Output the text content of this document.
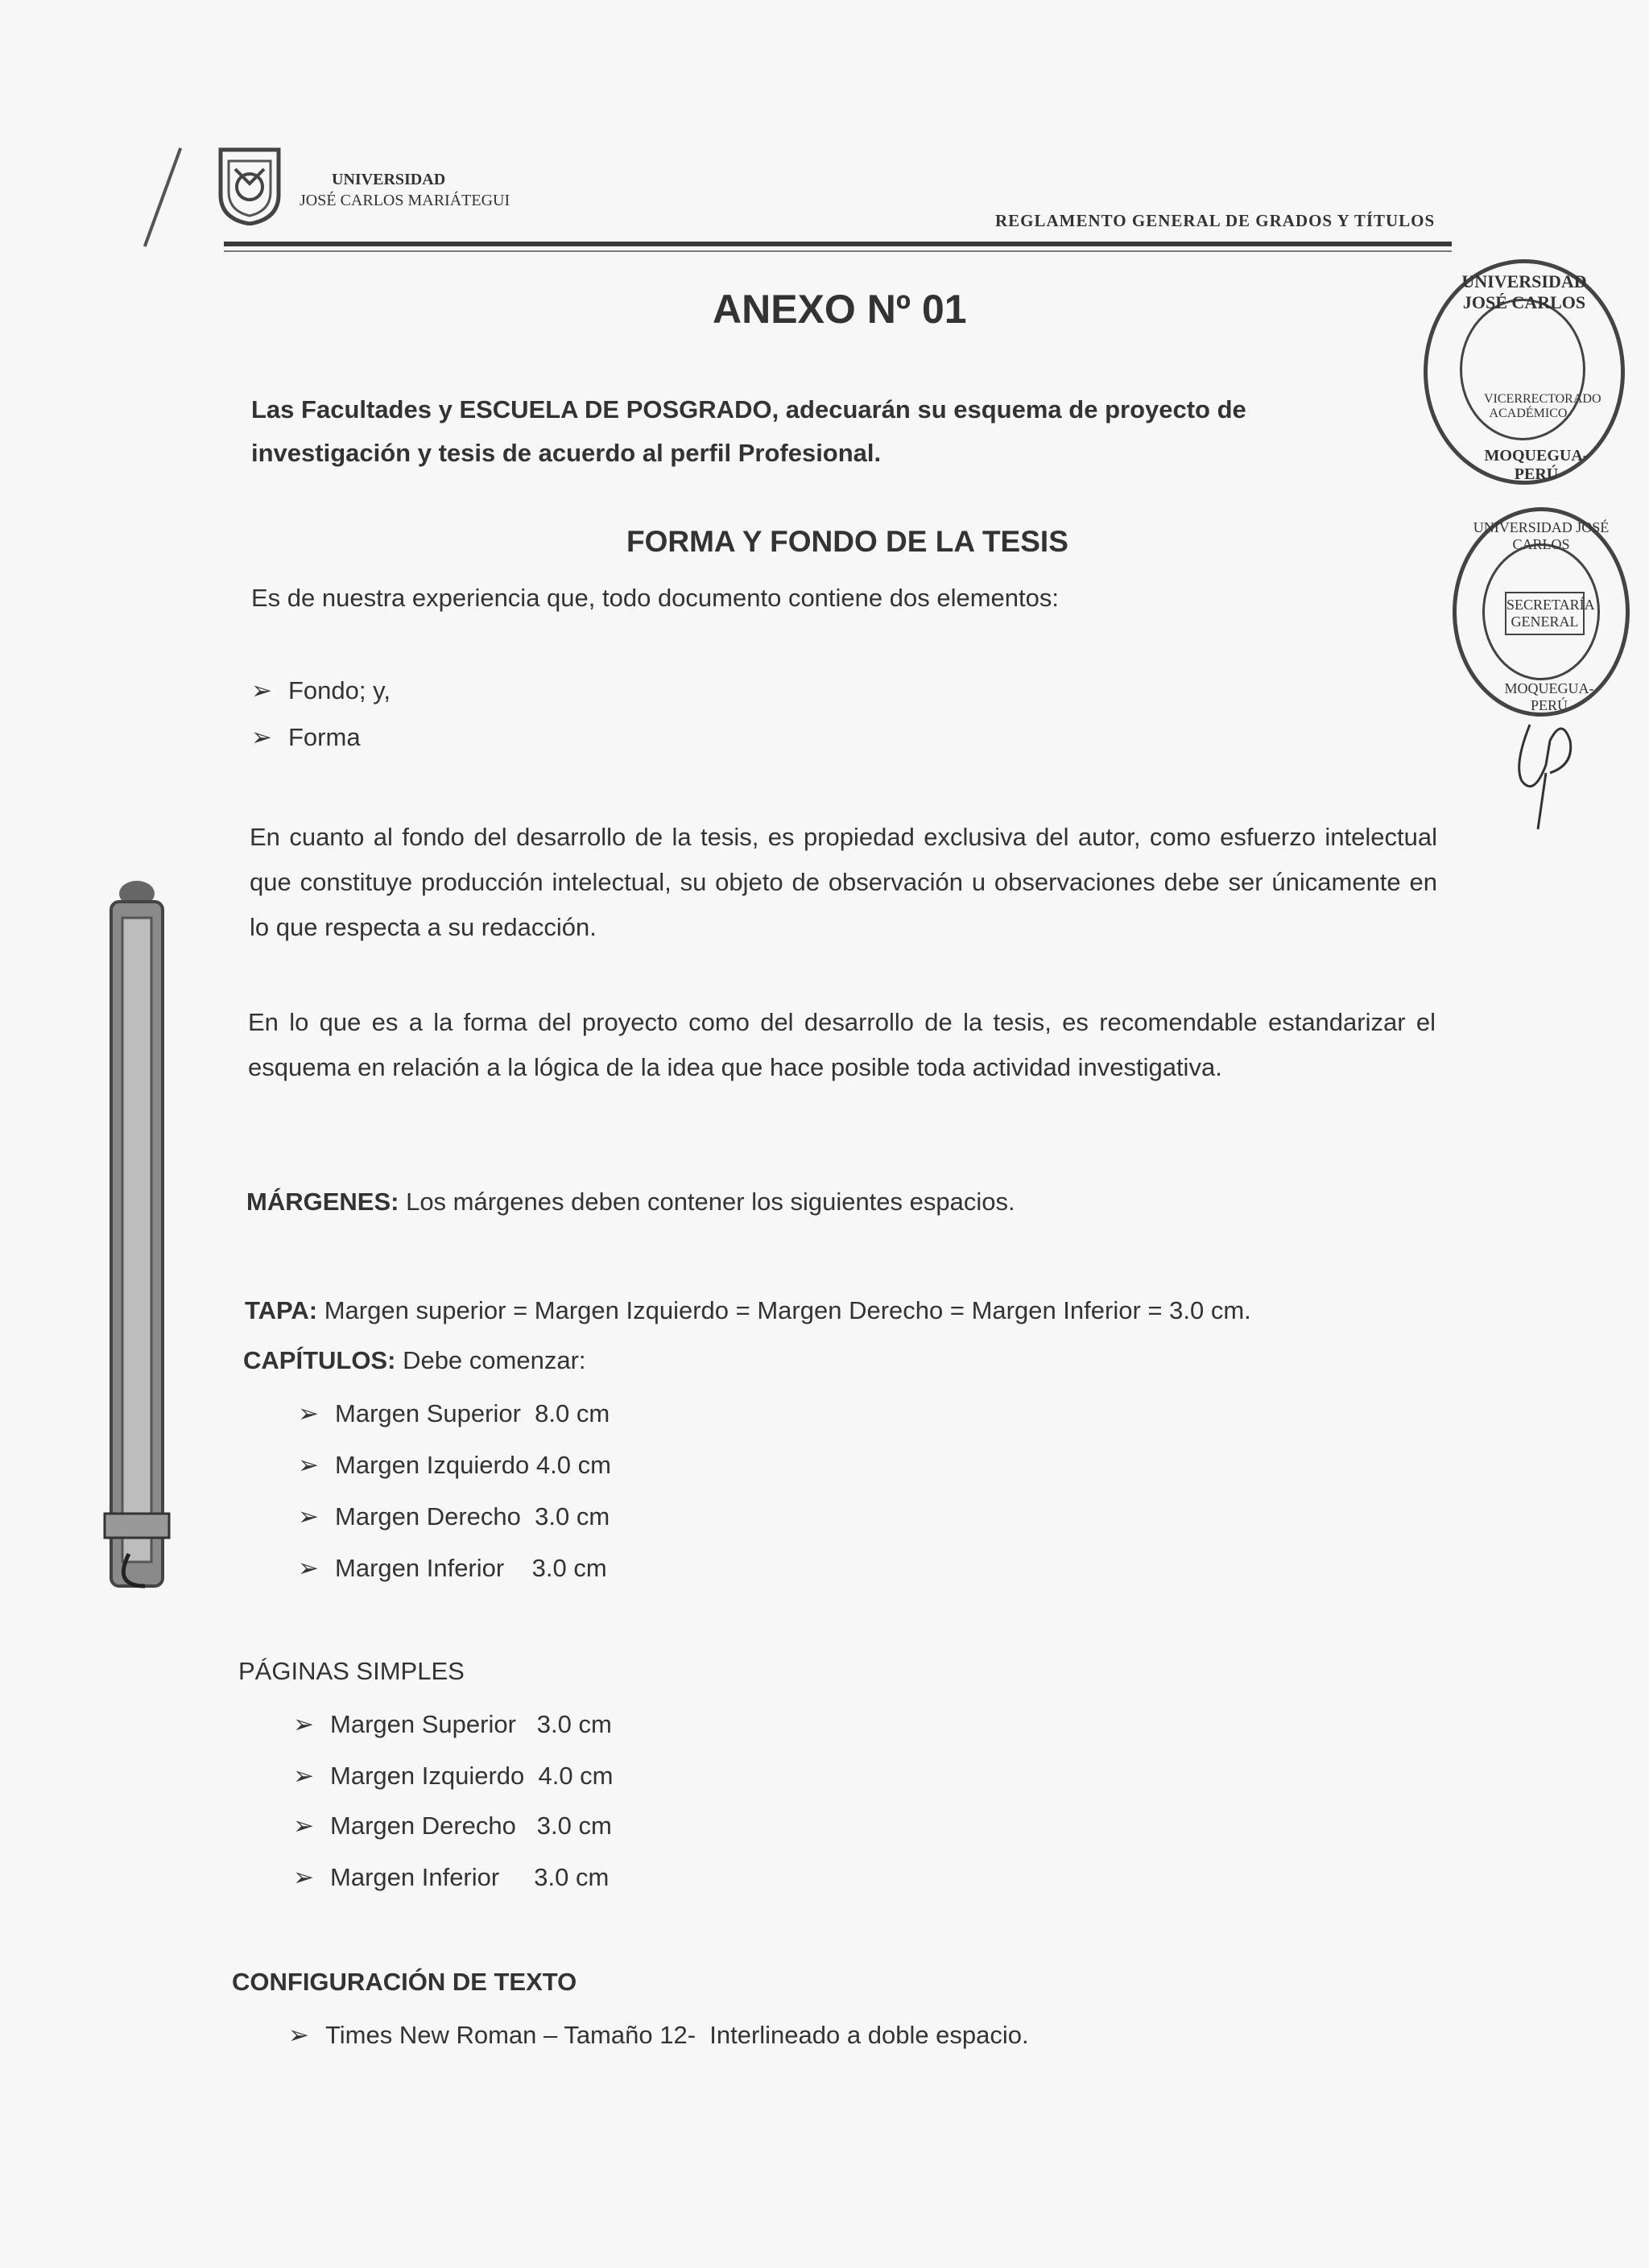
UNIVERSIDAD
JOSÉ CARLOS MARIÁTEGUI
REGLAMENTO GENERAL DE GRADOS Y TÍTULOS
UNIVERSIDAD JOSÉ CARLOS
VICERRECTORADO ACADÉMICO
MOQUEGUA-PERÚ
UNIVERSIDAD JOSÉ CARLOS
SECRETARÍA GENERAL
MOQUEGUA-PERÚ
ANEXO Nº 01
Las Facultades y ESCUELA DE POSGRADO, adecuarán su esquema de proyecto de investigación y tesis de acuerdo al perfil Profesional.
FORMA Y FONDO DE LA TESIS
Es de nuestra experiencia que, todo documento contiene dos elementos:
➢ Fondo; y,
➢ Forma
En cuanto al fondo del desarrollo de la tesis, es propiedad exclusiva del autor, como esfuerzo intelectual que constituye producción intelectual, su objeto de observación u observaciones debe ser únicamente en lo que respecta a su redacción.
En lo que es a la forma del proyecto como del desarrollo de la tesis, es recomendable estandarizar el esquema en relación a la lógica de la idea que hace posible toda actividad investigativa.
MÁRGENES: Los márgenes deben contener los siguientes espacios.
TAPA: Margen superior = Margen Izquierdo = Margen Derecho = Margen Inferior = 3.0 cm.
CAPÍTULOS: Debe comenzar:
➢ Margen Superior  8.0 cm
➢ Margen Izquierdo 4.0 cm
➢ Margen Derecho  3.0 cm
➢ Margen Inferior    3.0 cm
PÁGINAS SIMPLES
➢ Margen Superior   3.0 cm
➢ Margen Izquierdo  4.0 cm
➢ Margen Derecho   3.0 cm
➢ Margen Inferior     3.0 cm
CONFIGURACIÓN DE TEXTO
➢ Times New Roman – Tamaño 12-  Interlineado a doble espacio.
